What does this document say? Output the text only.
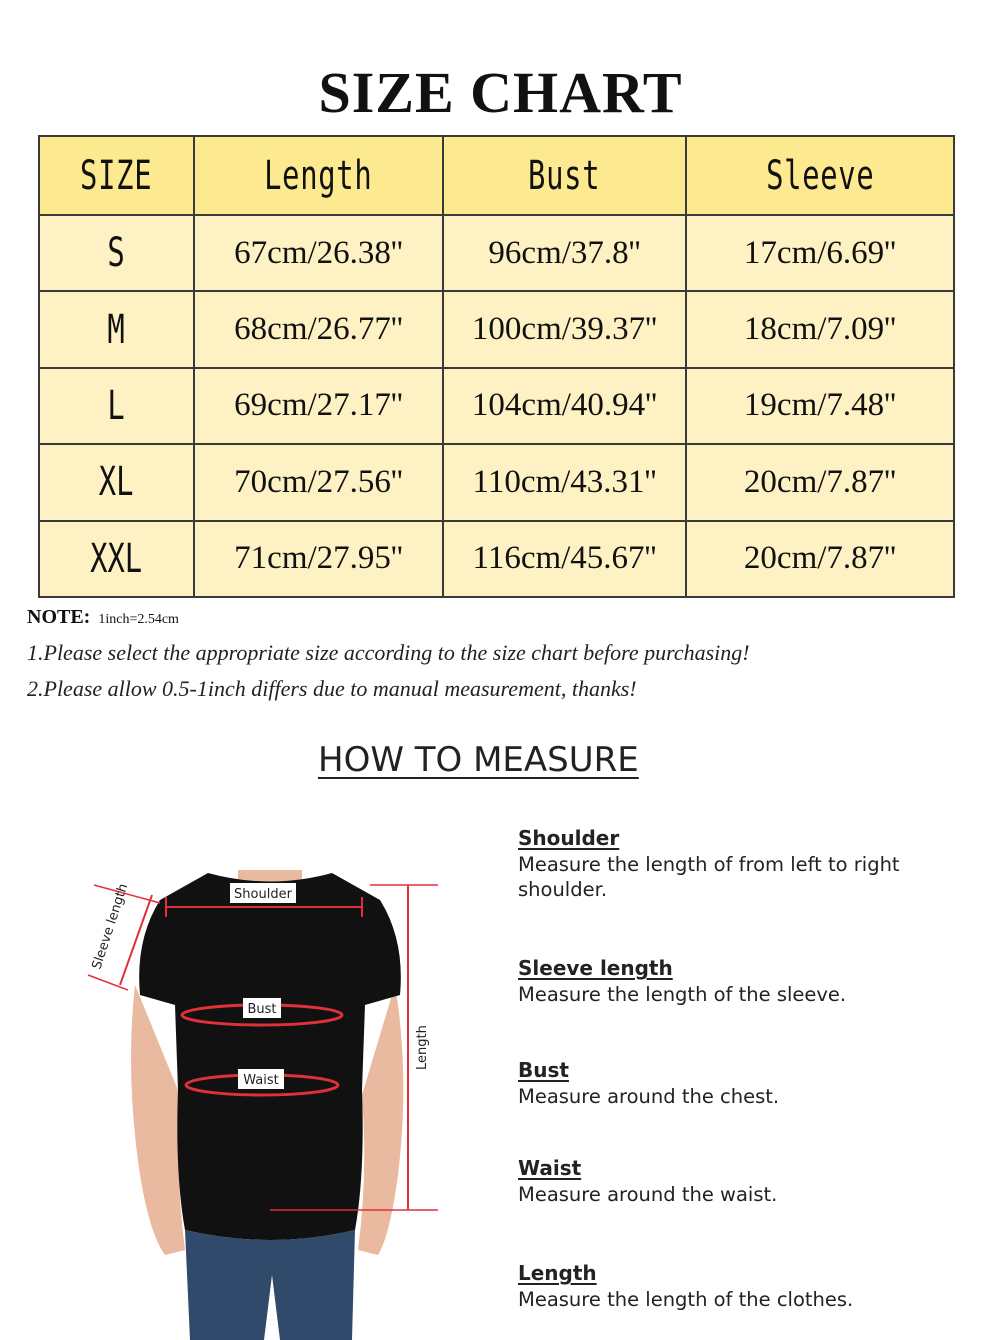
SIZE CHART
SIZE	Length	Bust	Sleeve
S	67cm/26.38''	96cm/37.8''	17cm/6.69''
M	68cm/26.77''	100cm/39.37''	18cm/7.09''
L	69cm/27.17''	104cm/40.94''	19cm/7.48''
XL	70cm/27.56''	110cm/43.31''	20cm/7.87''
XXL	71cm/27.95''	116cm/45.67''	20cm/7.87''
NOTE: 1inch=2.54cm
1.Please select the appropriate size according to the size chart before purchasing!
2.Please allow 0.5-1inch differs due to manual measurement, thanks!
HOW TO MEASURE
Shoulder
Bust
Waist
Sleeve length
Length
Shoulder
Measure the length of from left to right shoulder.
Sleeve length
Measure the length of the sleeve.
Bust
Measure around the chest.
Waist
Measure around the waist.
Length
Measure the length of the clothes.
